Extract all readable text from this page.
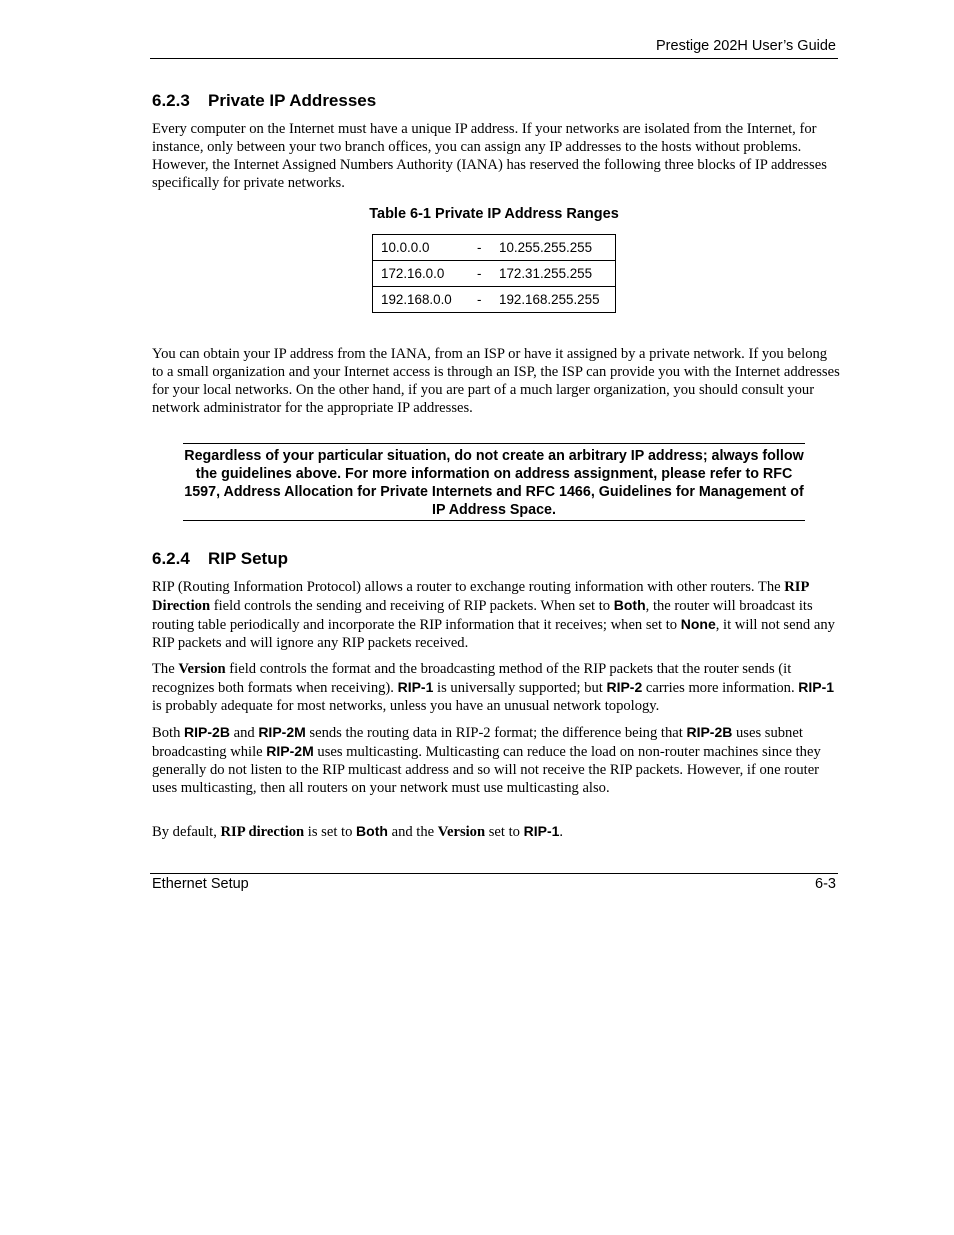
Prestige 202H User’s Guide
6.2.3 Private IP Addresses

Every computer on the Internet must have a unique IP address. If your networks are isolated from the Internet, for instance, only between your two branch offices, you can assign any IP addresses to the hosts without problems. However, the Internet Assigned Numbers Authority (IANA) has reserved the following three blocks of IP addresses specifically for private networks.

Table 6-1 Private IP Address Ranges
10.0.0.0	-	10.255.255.255
172.16.0.0	-	172.31.255.255
192.168.0.0	-	192.168.255.255

You can obtain your IP address from the IANA, from an ISP or have it assigned by a private network. If you belong to a small organization and your Internet access is through an ISP, the ISP can provide you with the Internet addresses for your local networks. On the other hand, if you are part of a much larger organization, you should consult your network administrator for the appropriate IP addresses.

Regardless of your particular situation, do not create an arbitrary IP address; always follow the guidelines above. For more information on address assignment, please refer to RFC 1597, Address Allocation for Private Internets and RFC 1466, Guidelines for Management of IP Address Space.

6.2.4 RIP Setup

RIP (Routing Information Protocol) allows a router to exchange routing information with other routers. The RIP Direction field controls the sending and receiving of RIP packets. When set to Both, the router will broadcast its routing table periodically and incorporate the RIP information that it receives; when set to None, it will not send any RIP packets and will ignore any RIP packets received.

The Version field controls the format and the broadcasting method of the RIP packets that the router sends (it recognizes both formats when receiving). RIP-1 is universally supported; but RIP-2 carries more information. RIP-1 is probably adequate for most networks, unless you have an unusual network topology.

Both RIP-2B and RIP-2M sends the routing data in RIP-2 format; the difference being that RIP-2B uses subnet broadcasting while RIP-2M uses multicasting. Multicasting can reduce the load on non-router machines since they generally do not listen to the RIP multicast address and so will not receive the RIP packets. However, if one router uses multicasting, then all routers on your network must use multicasting also.

By default, RIP direction is set to Both and the Version set to RIP-1.

Ethernet Setup	6-3
